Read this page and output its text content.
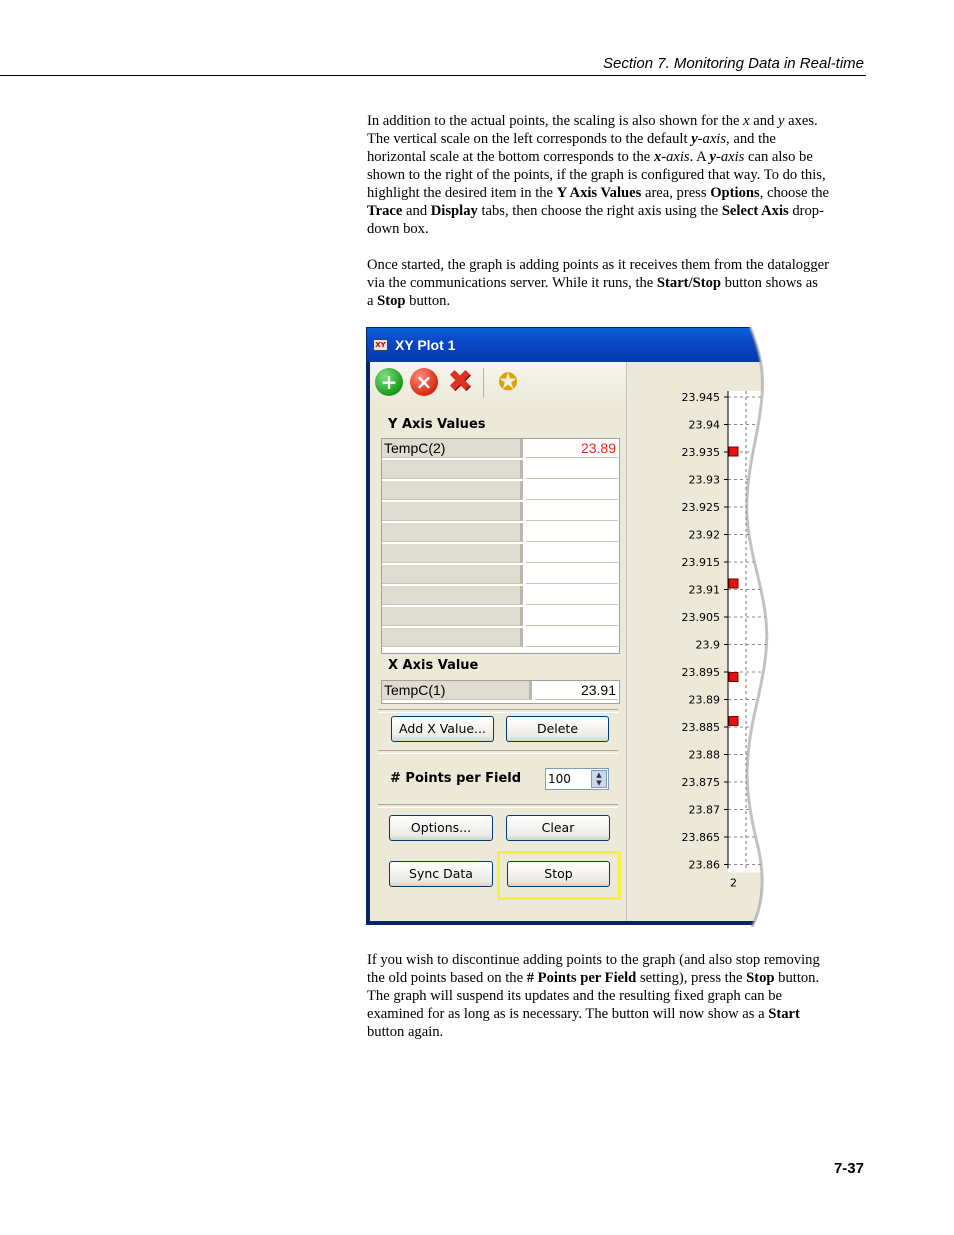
Section 7. Monitoring Data in Real-time
In addition to the actual points, the scaling is also shown for the x and y axes.
The vertical scale on the left corresponds to the default y-axis, and the
horizontal scale at the bottom corresponds to the x-axis. A y-axis can also be
shown to the right of the points, if the graph is configured that way. To do this,
highlight the desired item in the Y Axis Values area, press Options, choose the
Trace and Display tabs, then choose the right axis using the Select Axis drop-
down box.
Once started, the graph is adding points as it receives them from the datalogger
via the communications server. While it runs, the Start/Stop button shows as
a Stop button.
XY XY Plot 1
+ × ✖ ✪
Y Axis Values
TempC(2)	23.89
X Axis Value
TempC(1)	23.91
Add X Value...	Delete
# Points per Field 100	▲
▼
Options...	Clear
Sync Data	Stop
23.945
23.94
23.935
23.93
23.925
23.92
23.915
23.91
23.905
23.9
23.895
23.89
23.885
23.88
23.875
23.87
23.865
23.86
2
If you wish to discontinue adding points to the graph (and also stop removing
the old points based on the # Points per Field setting), press the Stop button.
The graph will suspend its updates and the resulting fixed graph can be
examined for as long as is necessary. The button will now show as a Start
button again.
7-37
